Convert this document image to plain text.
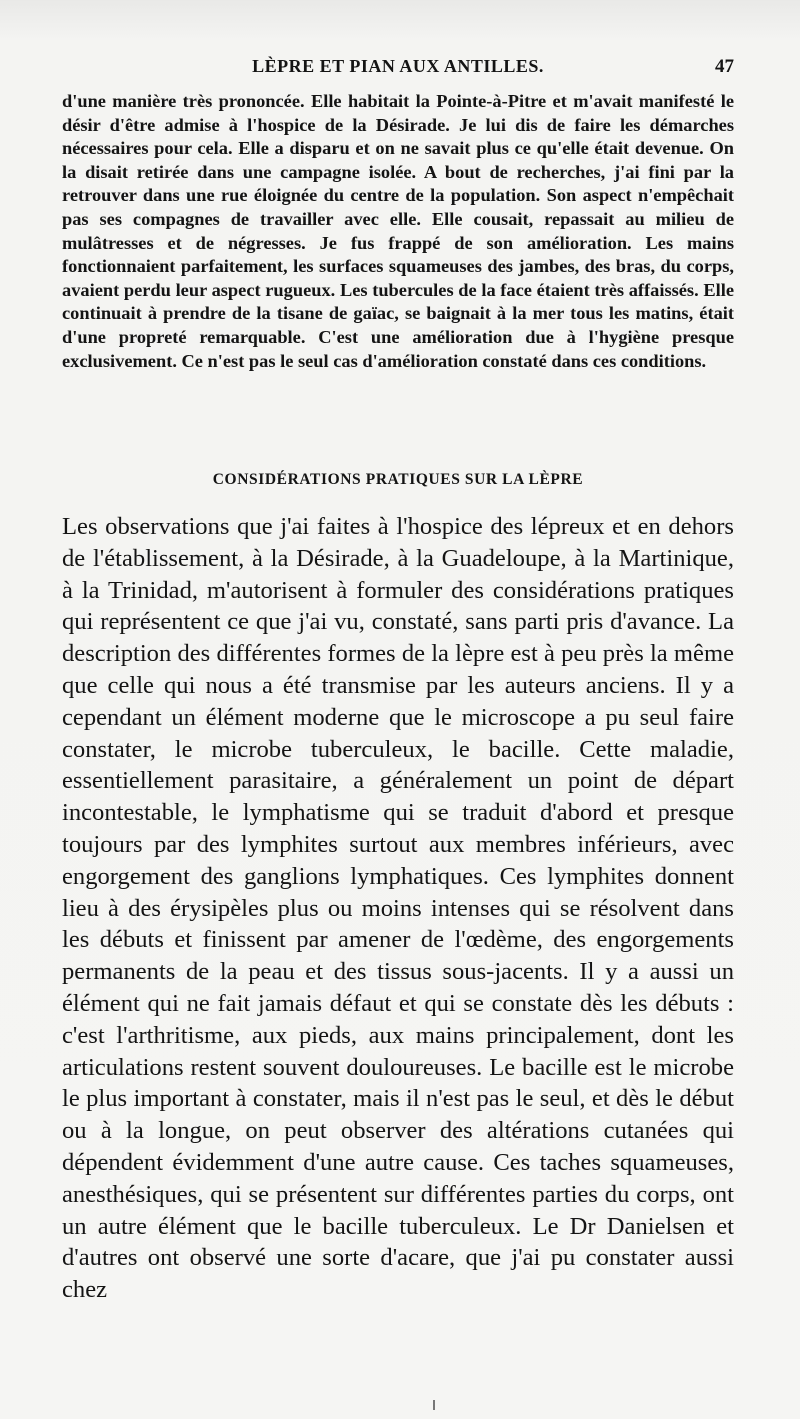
LÈPRE ET PIAN AUX ANTILLES.	47

d'une manière très prononcée. Elle habitait la Pointe-à-Pitre et m'avait manifesté le désir d'être admise à l'hospice de la Désirade. Je lui dis de faire les démarches nécessaires pour cela. Elle a disparu et on ne savait plus ce qu'elle était devenue. On la disait retirée dans une campagne isolée. A bout de recherches, j'ai fini par la retrouver dans une rue éloignée du centre de la population. Son aspect n'empêchait pas ses compagnes de travailler avec elle. Elle cousait, repassait au milieu de mulâtresses et de négresses. Je fus frappé de son amélioration. Les mains fonctionnaient parfaitement, les surfaces squameuses des jambes, des bras, du corps, avaient perdu leur aspect rugueux. Les tubercules de la face étaient très affaissés. Elle continuait à prendre de la tisane de gaïac, se baignait à la mer tous les matins, était d'une propreté remarquable. C'est une amélioration due à l'hygiène presque exclusivement. Ce n'est pas le seul cas d'amélioration constaté dans ces conditions.

CONSIDÉRATIONS PRATIQUES SUR LA LÈPRE

Les observations que j'ai faites à l'hospice des lépreux et en dehors de l'établissement, à la Désirade, à la Guadeloupe, à la Martinique, à la Trinidad, m'autorisent à formuler des considérations pratiques qui représentent ce que j'ai vu, constaté, sans parti pris d'avance. La description des différentes formes de la lèpre est à peu près la même que celle qui nous a été transmise par les auteurs anciens. Il y a cependant un élément moderne que le microscope a pu seul faire constater, le microbe tuberculeux, le bacille. Cette maladie, essentiellement parasitaire, a généralement un point de départ incontestable, le lymphatisme qui se traduit d'abord et presque toujours par des lymphites surtout aux membres inférieurs, avec engorgement des ganglions lymphatiques. Ces lymphites donnent lieu à des érysipèles plus ou moins intenses qui se résolvent dans les débuts et finissent par amener de l'œdème, des engorgements permanents de la peau et des tissus sous-jacents. Il y a aussi un élément qui ne fait jamais défaut et qui se constate dès les débuts : c'est l'arthritisme, aux pieds, aux mains principalement, dont les articulations restent souvent douloureuses. Le bacille est le microbe le plus important à constater, mais il n'est pas le seul, et dès le début ou à la longue, on peut observer des altérations cutanées qui dépendent évidemment d'une autre cause. Ces taches squameuses, anesthésiques, qui se présentent sur différentes parties du corps, ont un autre élément que le bacille tuberculeux. Le Dr Danielsen et d'autres ont observé une sorte d'acare, que j'ai pu constater aussi chez
